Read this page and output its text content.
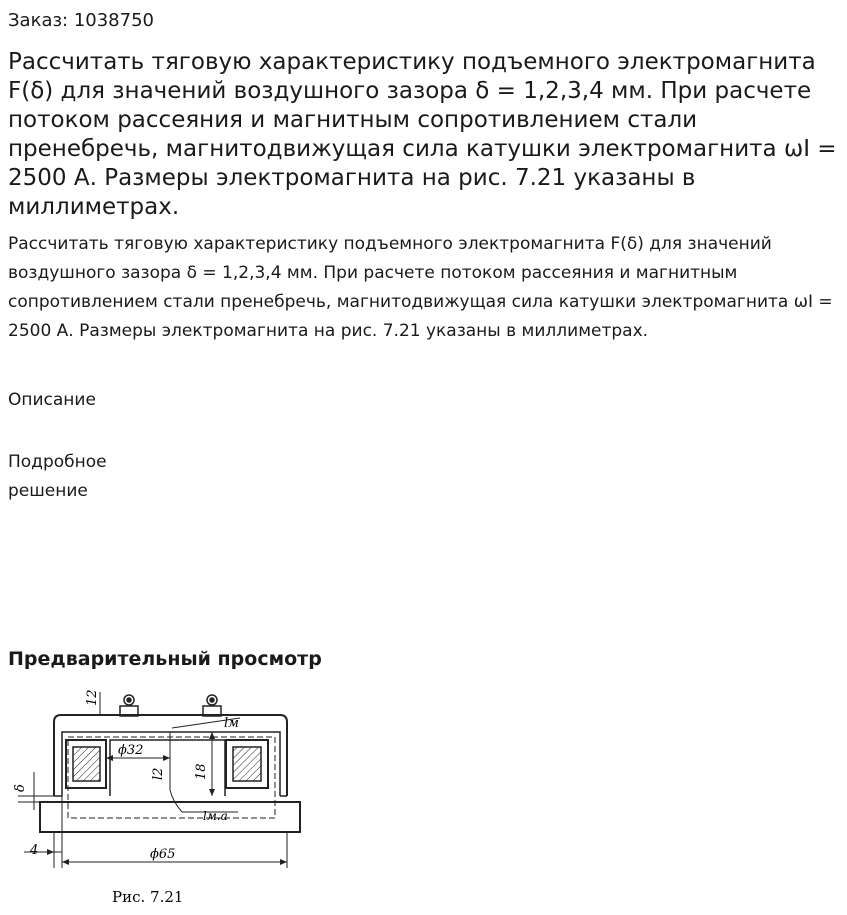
Заказ: 1038750
Рассчитать тяговую характеристику подъемного электромагнита F(δ) для значений воздушного зазора δ = 1,2,3,4 мм. При расчете потоком рассеяния и магнитным сопротивлением стали пренебречь, магнитодвижущая сила катушки электромагнита ωI = 2500 А. Размеры электромагнита на рис. 7.21 указаны в миллиметрах.
Рассчитать тяговую характеристику подъемного электромагнита F(δ) для значений воздушного зазора δ = 1,2,3,4 мм. При расчете потоком рассеяния и магнитным сопротивлением стали пренебречь, магнитодвижущая сила катушки электромагнита ωI = 2500 А. Размеры электромагнита на рис. 7.21 указаны в миллиметрах.
Описание
Подробное
решение
Предварительный просмотр
12
lм
ϕ32
l2 18
δ
lм.а
4	ϕ65
Рис. 7.21
